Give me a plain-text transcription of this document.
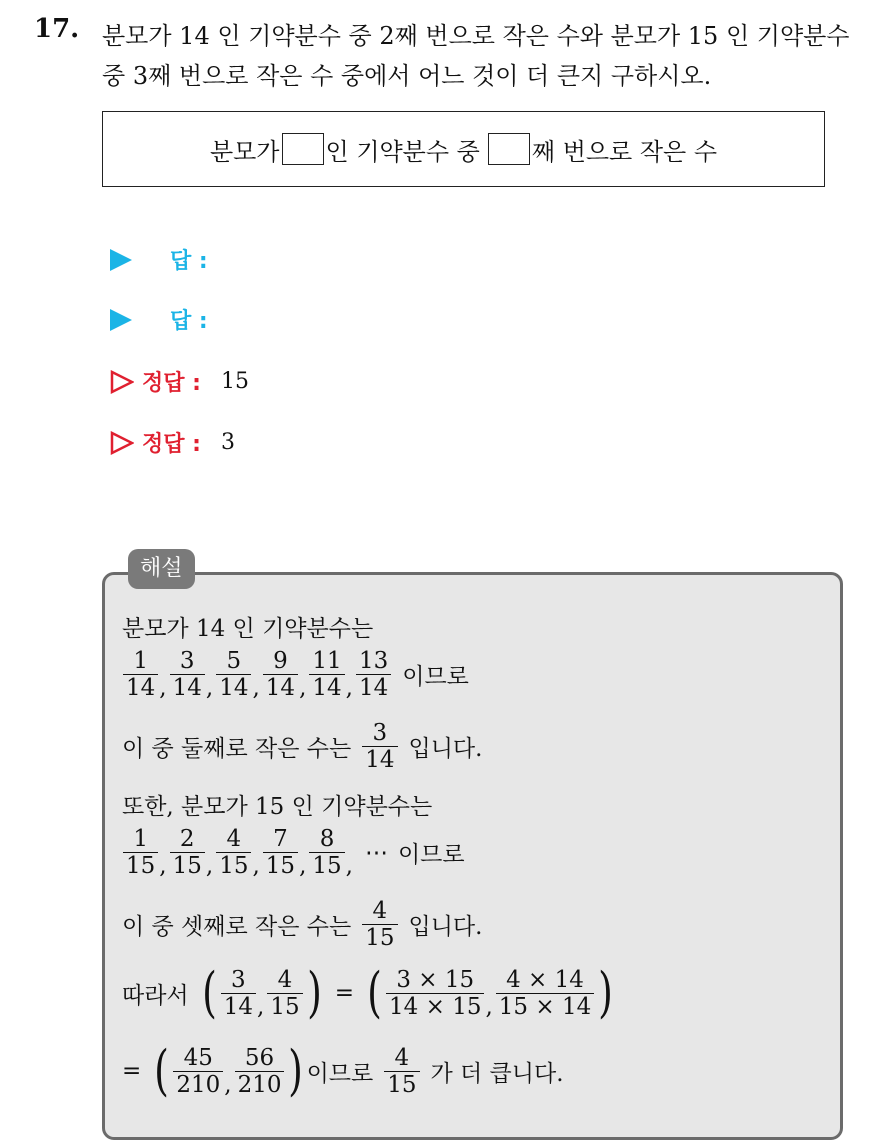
17. 분모가 14 인 기약분수 중 2째 번으로 작은 수와 분모가 15 인 기약분수
중 3째 번으로 작은 수 중에서 어느 것이 더 큰지 구하시오.
분모가 인 기약분수 중 째 번으로 작은 수
답 :
답 :
정답 : 15
정답 : 3
해설
분모가 14 인 기약분수는
$\frac{1}{14}$ , $\frac{3}{14}$ , $\frac{5}{14}$ , $\frac{9}{14}$ , $\frac{11}{14}$ , $\frac{13}{14}$ 이므로
이 중 둘째로 작은 수는 $\frac{3}{14}$ 입니다.
또한, 분모가 15 인 기약분수는
$\frac{1}{15}$ , $\frac{2}{15}$ , $\frac{4}{15}$ , $\frac{7}{15}$ , $\frac{8}{15}$ ,
⋯ 이므로
이 중 셋째로 작은 수는 $\frac{4}{15}$ 입니다.
따라서 ( $\frac{3}{14}$ , $\frac{4}{15}$ ) = ( $\frac{3 \times 15}{14 \times 15}$ , $\frac{4 \times 14}{15 \times 14}$ )
= ( $\frac{45}{210}$ , $\frac{56}{210}$ ) 이므로 $\frac{4}{15}$ 가 더 큽니다.
